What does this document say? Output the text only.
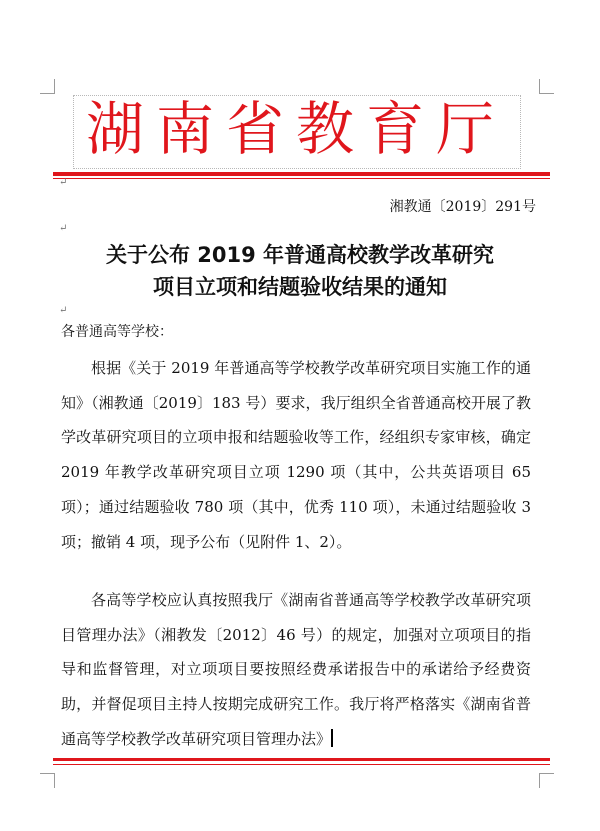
湖南省教育厅
↵
湘教通〔2019〕291号
↵
关于公布 2019 年普通高校教学改革研究
项目立项和结题验收结果的通知
↵
各普通高等学校：
根据《关于 2019 年普通高等学校教学改革研究项目实施工作的通知》（湘教通〔2019〕183 号）要求，我厅组织全省普通高校开展了教学改革研究项目的立项申报和结题验收等工作，经组织专家审核，确定 2019 年教学改革研究项目立项 1290 项（其中，公共英语项目 65 项）；通过结题验收 780 项（其中，优秀 110 项），未通过结题验收 3 项；撤销 4 项，现予公布（见附件 1、2）。
各高等学校应认真按照我厅《湖南省普通高等学校教学改革研究项目管理办法》（湘教发〔2012〕46 号）的规定，加强对立项项目的指导和监督管理，对立项项目要按照经费承诺报告中的承诺给予经费资助，并督促项目主持人按期完成研究工作。我厅将严格落实《湖南省普通高等学校教学改革研究项目管理办法》
